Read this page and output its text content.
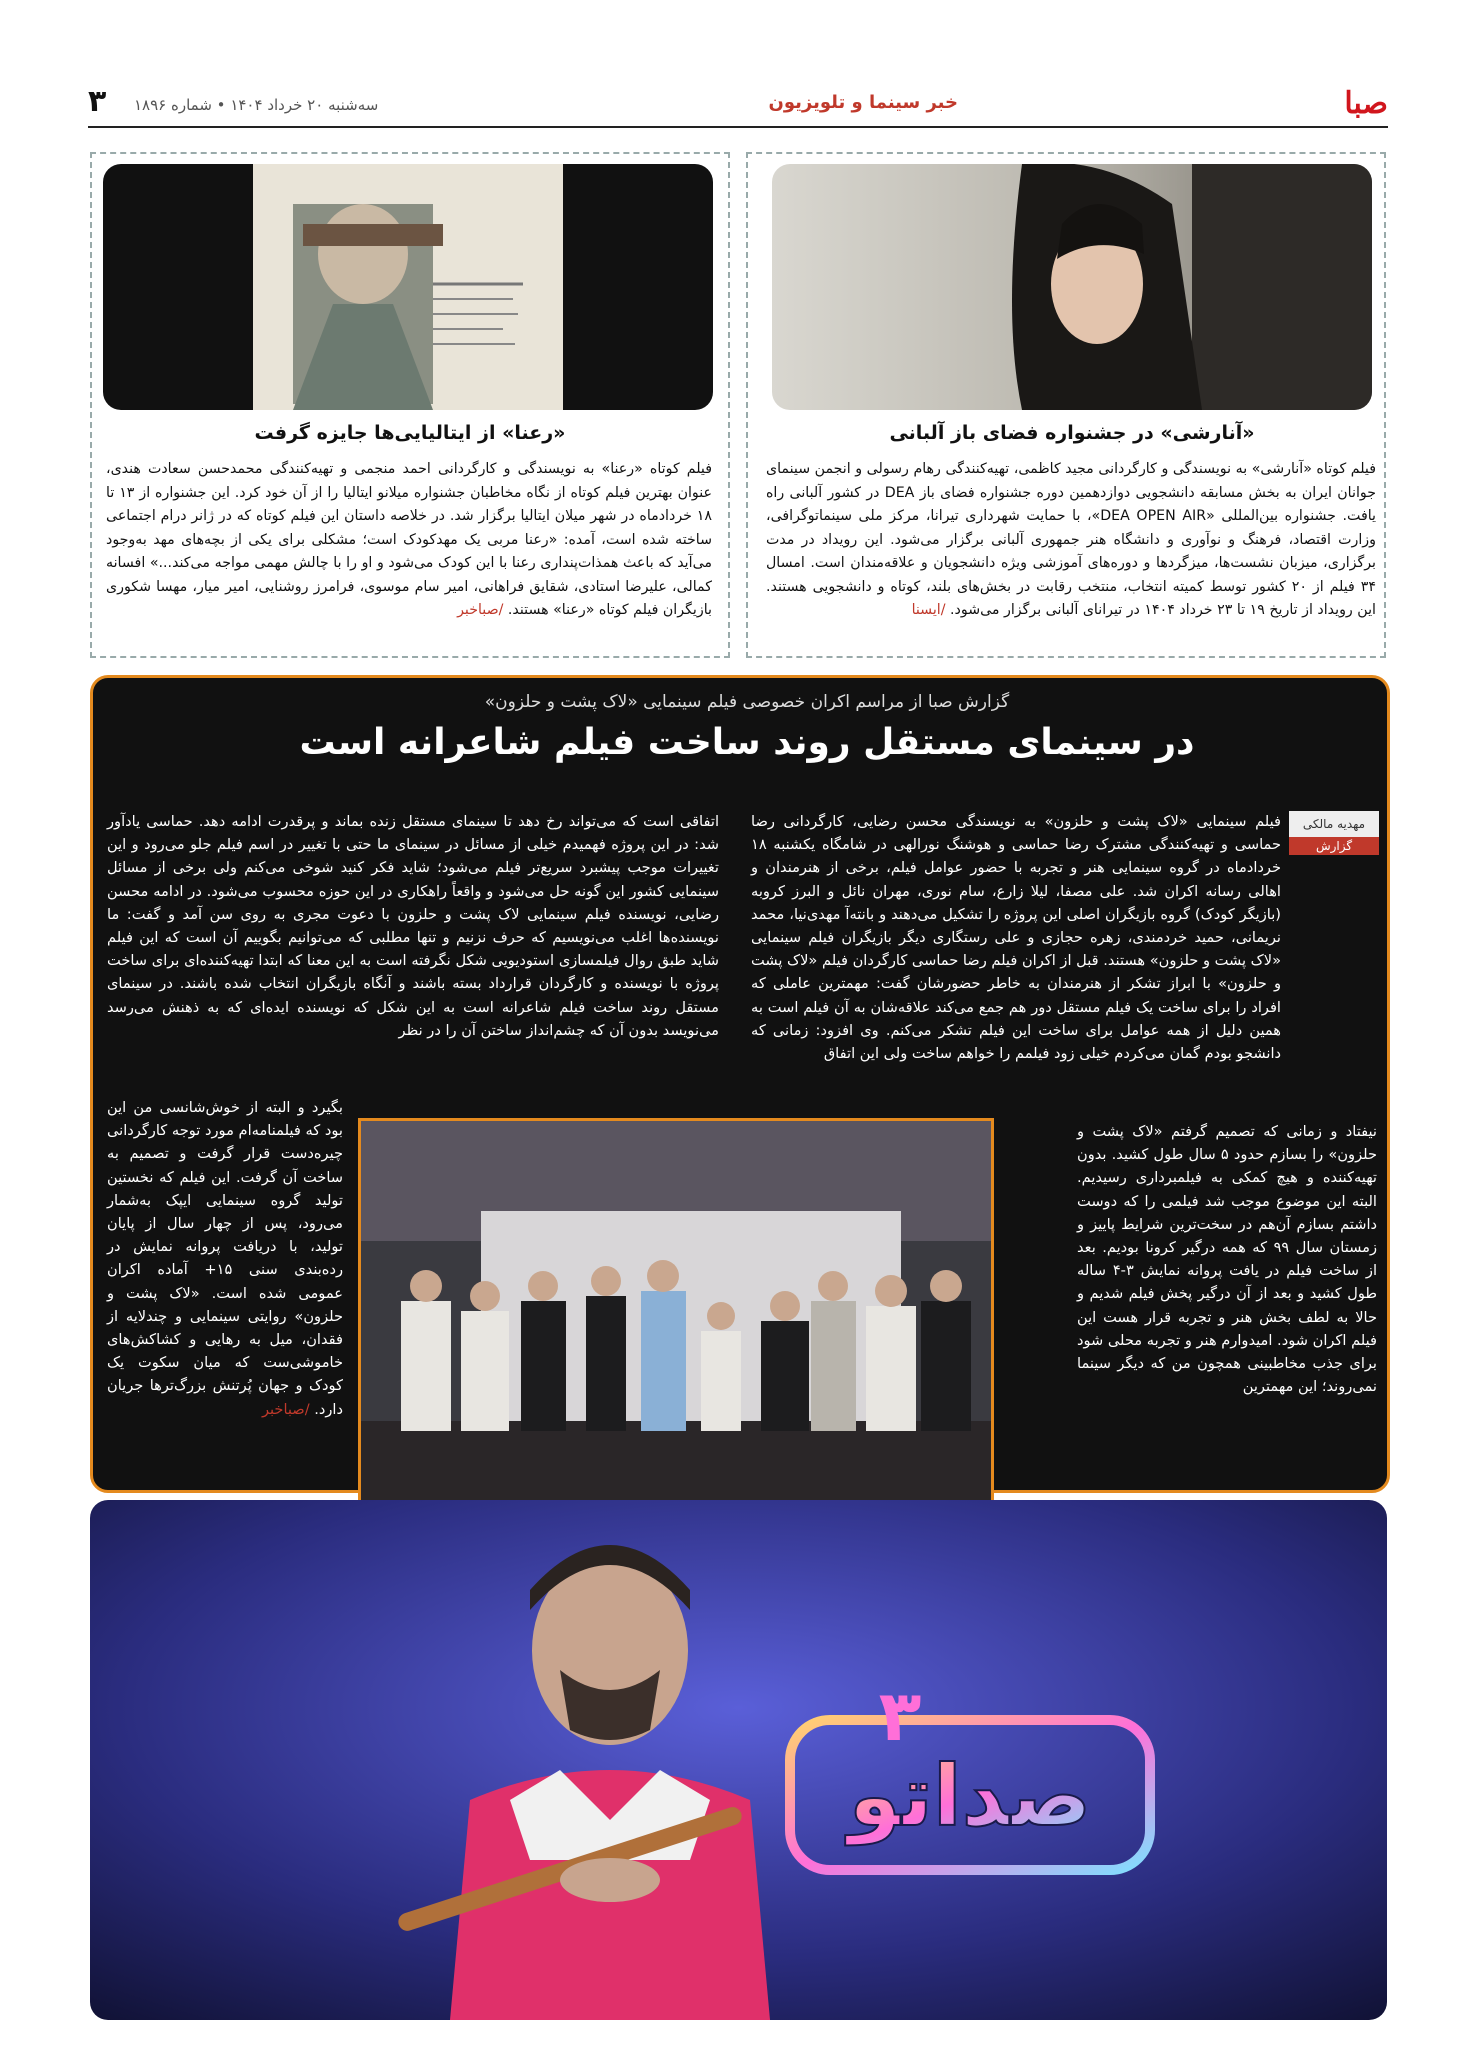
صبا
خبر سینما و تلویزیون
سه‌شنبه ۲۰ خرداد ۱۴۰۴ • شماره ۱۸۹۶
۳
«آنارشی» در جشنواره فضای باز آلبانی
فیلم کوتاه «آنارشی» به نویسندگی و کارگردانی مجید کاظمی، تهیه‌کنندگی رهام رسولی و انجمن سینمای جوانان ایران به بخش مسابقه دانشجویی دوازدهمین دوره جشنواره فضای باز DEA در کشور آلبانی راه یافت. جشنواره بین‌المللی «DEA OPEN AIR»، با حمایت شهرداری تیرانا، مرکز ملی سینماتوگرافی، وزارت اقتصاد، فرهنگ و نوآوری و دانشگاه هنر جمهوری آلبانی برگزار می‌شود. این رویداد در مدت برگزاری، میزبان نشست‌ها، میزگردها و دوره‌های آموزشی ویژه دانشجویان و علاقه‌مندان است. امسال ۳۴ فیلم از ۲۰ کشور توسط کمیته انتخاب، منتخب رقابت در بخش‌های بلند، کوتاه و دانشجویی هستند. این رویداد از تاریخ ۱۹ تا ۲۳ خرداد ۱۴۰۴ در تیرانای آلبانی برگزار می‌شود. /ایسنا
«رعنا» از ایتالیایی‌ها جایزه گرفت
فیلم کوتاه «رعنا» به نویسندگی و کارگردانی احمد منجمی و تهیه‌کنندگی محمدحسن سعادت هندی، عنوان بهترین فیلم کوتاه از نگاه مخاطبان جشنواره میلانو ایتالیا را از آن خود کرد. این جشنواره از ۱۳ تا ۱۸ خردادماه در شهر میلان ایتالیا برگزار شد. در خلاصه داستان این فیلم کوتاه که در ژانر درام اجتماعی ساخته شده است، آمده: «رعنا مربی یک مهدکودک است؛ مشکلی برای یکی از بچه‌های مهد به‌وجود می‌آید که باعث همذات‌پنداری رعنا با این کودک می‌شود و او را با چالش مهمی مواجه می‌کند...» افسانه کمالی، علیرضا استادی، شقایق فراهانی، امیر سام موسوی، فرامرز روشنایی، امیر میار، مهسا شکوری بازیگران فیلم کوتاه «رعنا» هستند. /صباخبر
گزارش صبا از مراسم اکران خصوصی فیلم سینمایی «لاک پشت و حلزون»
در سینمای مستقل روند ساخت فیلم شاعرانه است
مهدیه مالکی
گزارش
فیلم سینمایی «لاک پشت و حلزون» به نویسندگی محسن رضایی، کارگردانی رضا حماسی و تهیه‌کنندگی مشترک رضا حماسی و هوشنگ نورالهی در شامگاه یکشنبه ۱۸ خردادماه در گروه سینمایی هنر و تجربه با حضور عوامل فیلم، برخی از هنرمندان و اهالی رسانه اکران شد. علی مصفا، لیلا زارع، سام نوری، مهران نائل و البرز کروبه (بازیگر کودک) گروه بازیگران اصلی این پروژه را تشکیل می‌دهند و بانته‌آ مهدی‌نیا، محمد نریمانی، حمید خردمندی، زهره حجازی و علی رستگاری دیگر بازیگران فیلم سینمایی «لاک پشت و حلزون» هستند. قبل از اکران فیلم رضا حماسی کارگردان فیلم «لاک پشت و حلزون» با ابراز تشکر از هنرمندان به خاطر حضورشان گفت: مهمترین عاملی که افراد را برای ساخت یک فیلم مستقل دور هم جمع می‌کند علاقه‌شان به آن فیلم است به همین دلیل از همه عوامل برای ساخت این فیلم تشکر می‌کنم. وی افزود: زمانی که دانشجو بودم گمان می‌کردم خیلی زود فیلمم را خواهم ساخت ولی این اتفاق
نیفتاد و زمانی که تصمیم گرفتم «لاک پشت و حلزون» را بسازم حدود ۵ سال طول کشید. بدون تهیه‌کننده و هیچ کمکی به فیلمبرداری رسیدیم. البته این موضوع موجب شد فیلمی را که دوست داشتم بسازم آن‌هم در سخت‌ترین شرایط پاییز و زمستان سال ۹۹ که همه درگیر کرونا بودیم. بعد از ساخت فیلم در یافت پروانه نمایش ۳-۴ ساله طول کشید و بعد از آن درگیر پخش فیلم شدیم و حالا به لطف بخش هنر و تجربه قرار هست این فیلم اکران شود. امیدوارم هنر و تجربه محلی شود برای جذب مخاطبینی همچون من که دیگر سینما نمی‌روند؛ این مهمترین
اتفاقی است که می‌تواند رخ دهد تا سینمای مستقل زنده بماند و پرقدرت ادامه دهد. حماسی یادآور شد: در این پروژه فهمیدم خیلی از مسائل در سینمای ما حتی با تغییر در اسم فیلم جلو می‌رود و این تغییرات موجب پیشبرد سریع‌تر فیلم می‌شود؛ شاید فکر کنید شوخی می‌کنم ولی برخی از مسائل سینمایی کشور این گونه حل می‌شود و واقعاً راهکاری در این حوزه محسوب می‌شود. در ادامه محسن رضایی، نویسنده فیلم سینمایی لاک پشت و حلزون با دعوت مجری به روی سن آمد و گفت: ما نویسنده‌ها اغلب می‌نویسیم که حرف نزنیم و تنها مطلبی که می‌توانیم بگوییم آن است که این فیلم شاید طبق روال فیلمسازی استودیویی شکل نگرفته است به این معنا که ابتدا تهیه‌کننده‌ای برای ساخت پروژه با نویسنده و کارگردان قرارداد بسته باشند و آنگاه بازیگران انتخاب شده باشند. در سینمای مستقل روند ساخت فیلم شاعرانه است به این شکل که نویسنده ایده‌ای که به ذهنش می‌رسد می‌نویسد بدون آن که چشم‌انداز ساختن آن را در نظر
بگیرد و البته از خوش‌شانسی من این بود که فیلمنامه‌ام مورد توجه کارگردانی چیره‌دست قرار گرفت و تصمیم به ساخت آن گرفت. این فیلم که نخستین تولید گروه سینمایی ایپک به‌شمار می‌رود، پس از چهار سال از پایان تولید، با دریافت پروانه نمایش در رده‌بندی سنی ۱۵+ آماده اکران عمومی شده است. «لاک پشت و حلزون» روایتی سینمایی و چندلایه از فقدان، میل به رهایی و کشاکش‌های خاموشی‌ست که میان سکوت یک کودک و جهان پُرتنش بزرگ‌ترها جریان دارد. /صباخبر
صداتو
۳
